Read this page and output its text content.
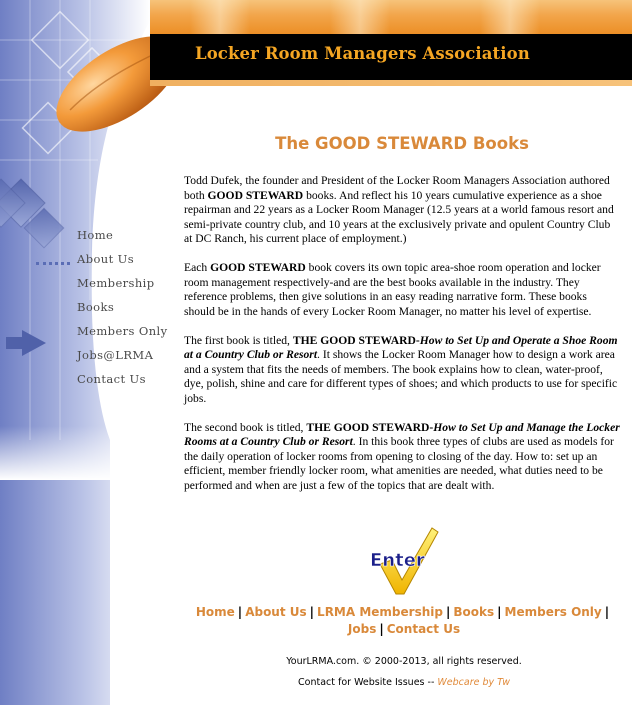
Locker Room Managers Association
Home
About Us
Membership
Books
Members Only
Jobs@LRMA
Contact Us
The GOOD STEWARD Books

Todd Dufek, the founder and President of the Locker Room Managers Association authored both GOOD STEWARD books. And reflect his 10 years cumulative experience as a shoe repairman and 22 years as a Locker Room Manager (12.5 years at a world famous resort and semi-private country club, and 10 years at the exclusively private and opulent Country Club at DC Ranch, his current place of employment.)

Each GOOD STEWARD book covers its own topic area-shoe room operation and locker room management respectively-and are the best books available in the industry. They reference problems, then give solutions in an easy reading narrative form. These books should be in the hands of every Locker Room Manager, no matter his level of expertise.

The first book is titled, THE GOOD STEWARD-How to Set Up and Operate a Shoe Room at a Country Club or Resort. It shows the Locker Room Manager how to design a work area and a system that fits the needs of members. The book explains how to clean, water-proof, dye, polish, shine and care for different types of shoes; and which products to use for specific jobs.

The second book is titled, THE GOOD STEWARD-How to Set Up and Manage the Locker Rooms at a Country Club or Resort. In this book three types of clubs are used as models for the daily operation of locker rooms from opening to closing of the day. How to: set up an efficient, member friendly locker room, what amenities are needed, what duties need to be performed and when are just a few of the topics that are dealt with.

Enter
Home | About Us | LRMA Membership | Books | Members Only |
Jobs | Contact Us
YourLRMA.com. © 2000-2013, all rights reserved.
Contact for Website Issues -- Webcare by Tw
